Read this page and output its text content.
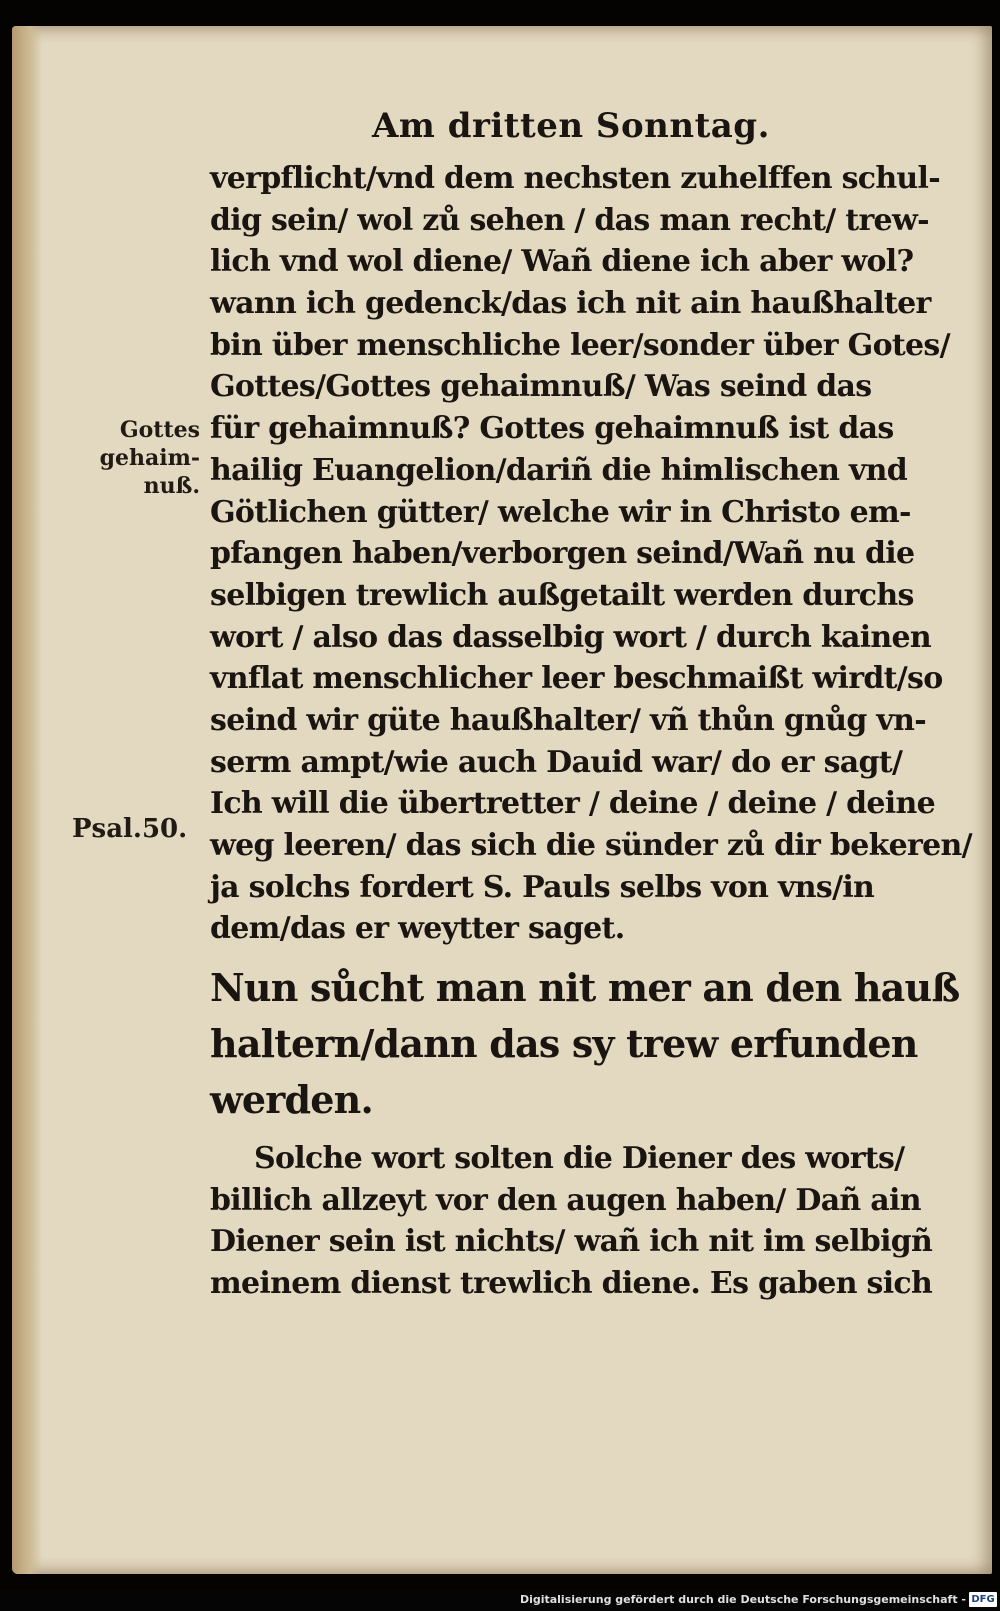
Am dritten Sonntag.
Gottes
gehaim-
nuß.
Psal.50.
verpflicht/vnd dem nechsten zuhelffen schul-
dig sein/ wol zů sehen / das man recht/ trew-
lich vnd wol diene/ Wañ diene ich aber wol?
wann ich gedenck/das ich nit ain haußhalter
bin über menschliche leer/sonder über Gotes/
Gottes/Gottes gehaimnuß/ Was seind das
für gehaimnuß? Gottes gehaimnuß ist das
hailig Euangelion/dariñ die himlischen vnd
Götlichen gütter/ welche wir in Christo em-
pfangen haben/verborgen seind/Wañ nu die
selbigen trewlich außgetailt werden durchs
wort / also das dasselbig wort / durch kainen
vnflat menschlicher leer beschmaißt wirdt/so
seind wir güte haußhalter/ vñ thůn gnůg vn-
serm ampt/wie auch Dauid war/ do er sagt/
Ich will die übertretter / deine / deine / deine
weg leeren/ das sich die sünder zů dir bekeren/
ja solchs fordert S. Pauls selbs von vns/in
dem/das er weytter saget.
Nun sůcht man nit mer an den hauß
haltern/dann das sy trew erfunden
werden.
Solche wort solten die Diener des worts/
billich allzeyt vor den augen haben/ Dañ ain
Diener sein ist nichts/ wañ ich nit im selbigñ
meinem dienst trewlich diene. Es gaben sich
Digitalisierung gefördert durch die Deutsche Forschungsgemeinschaft - DFG
